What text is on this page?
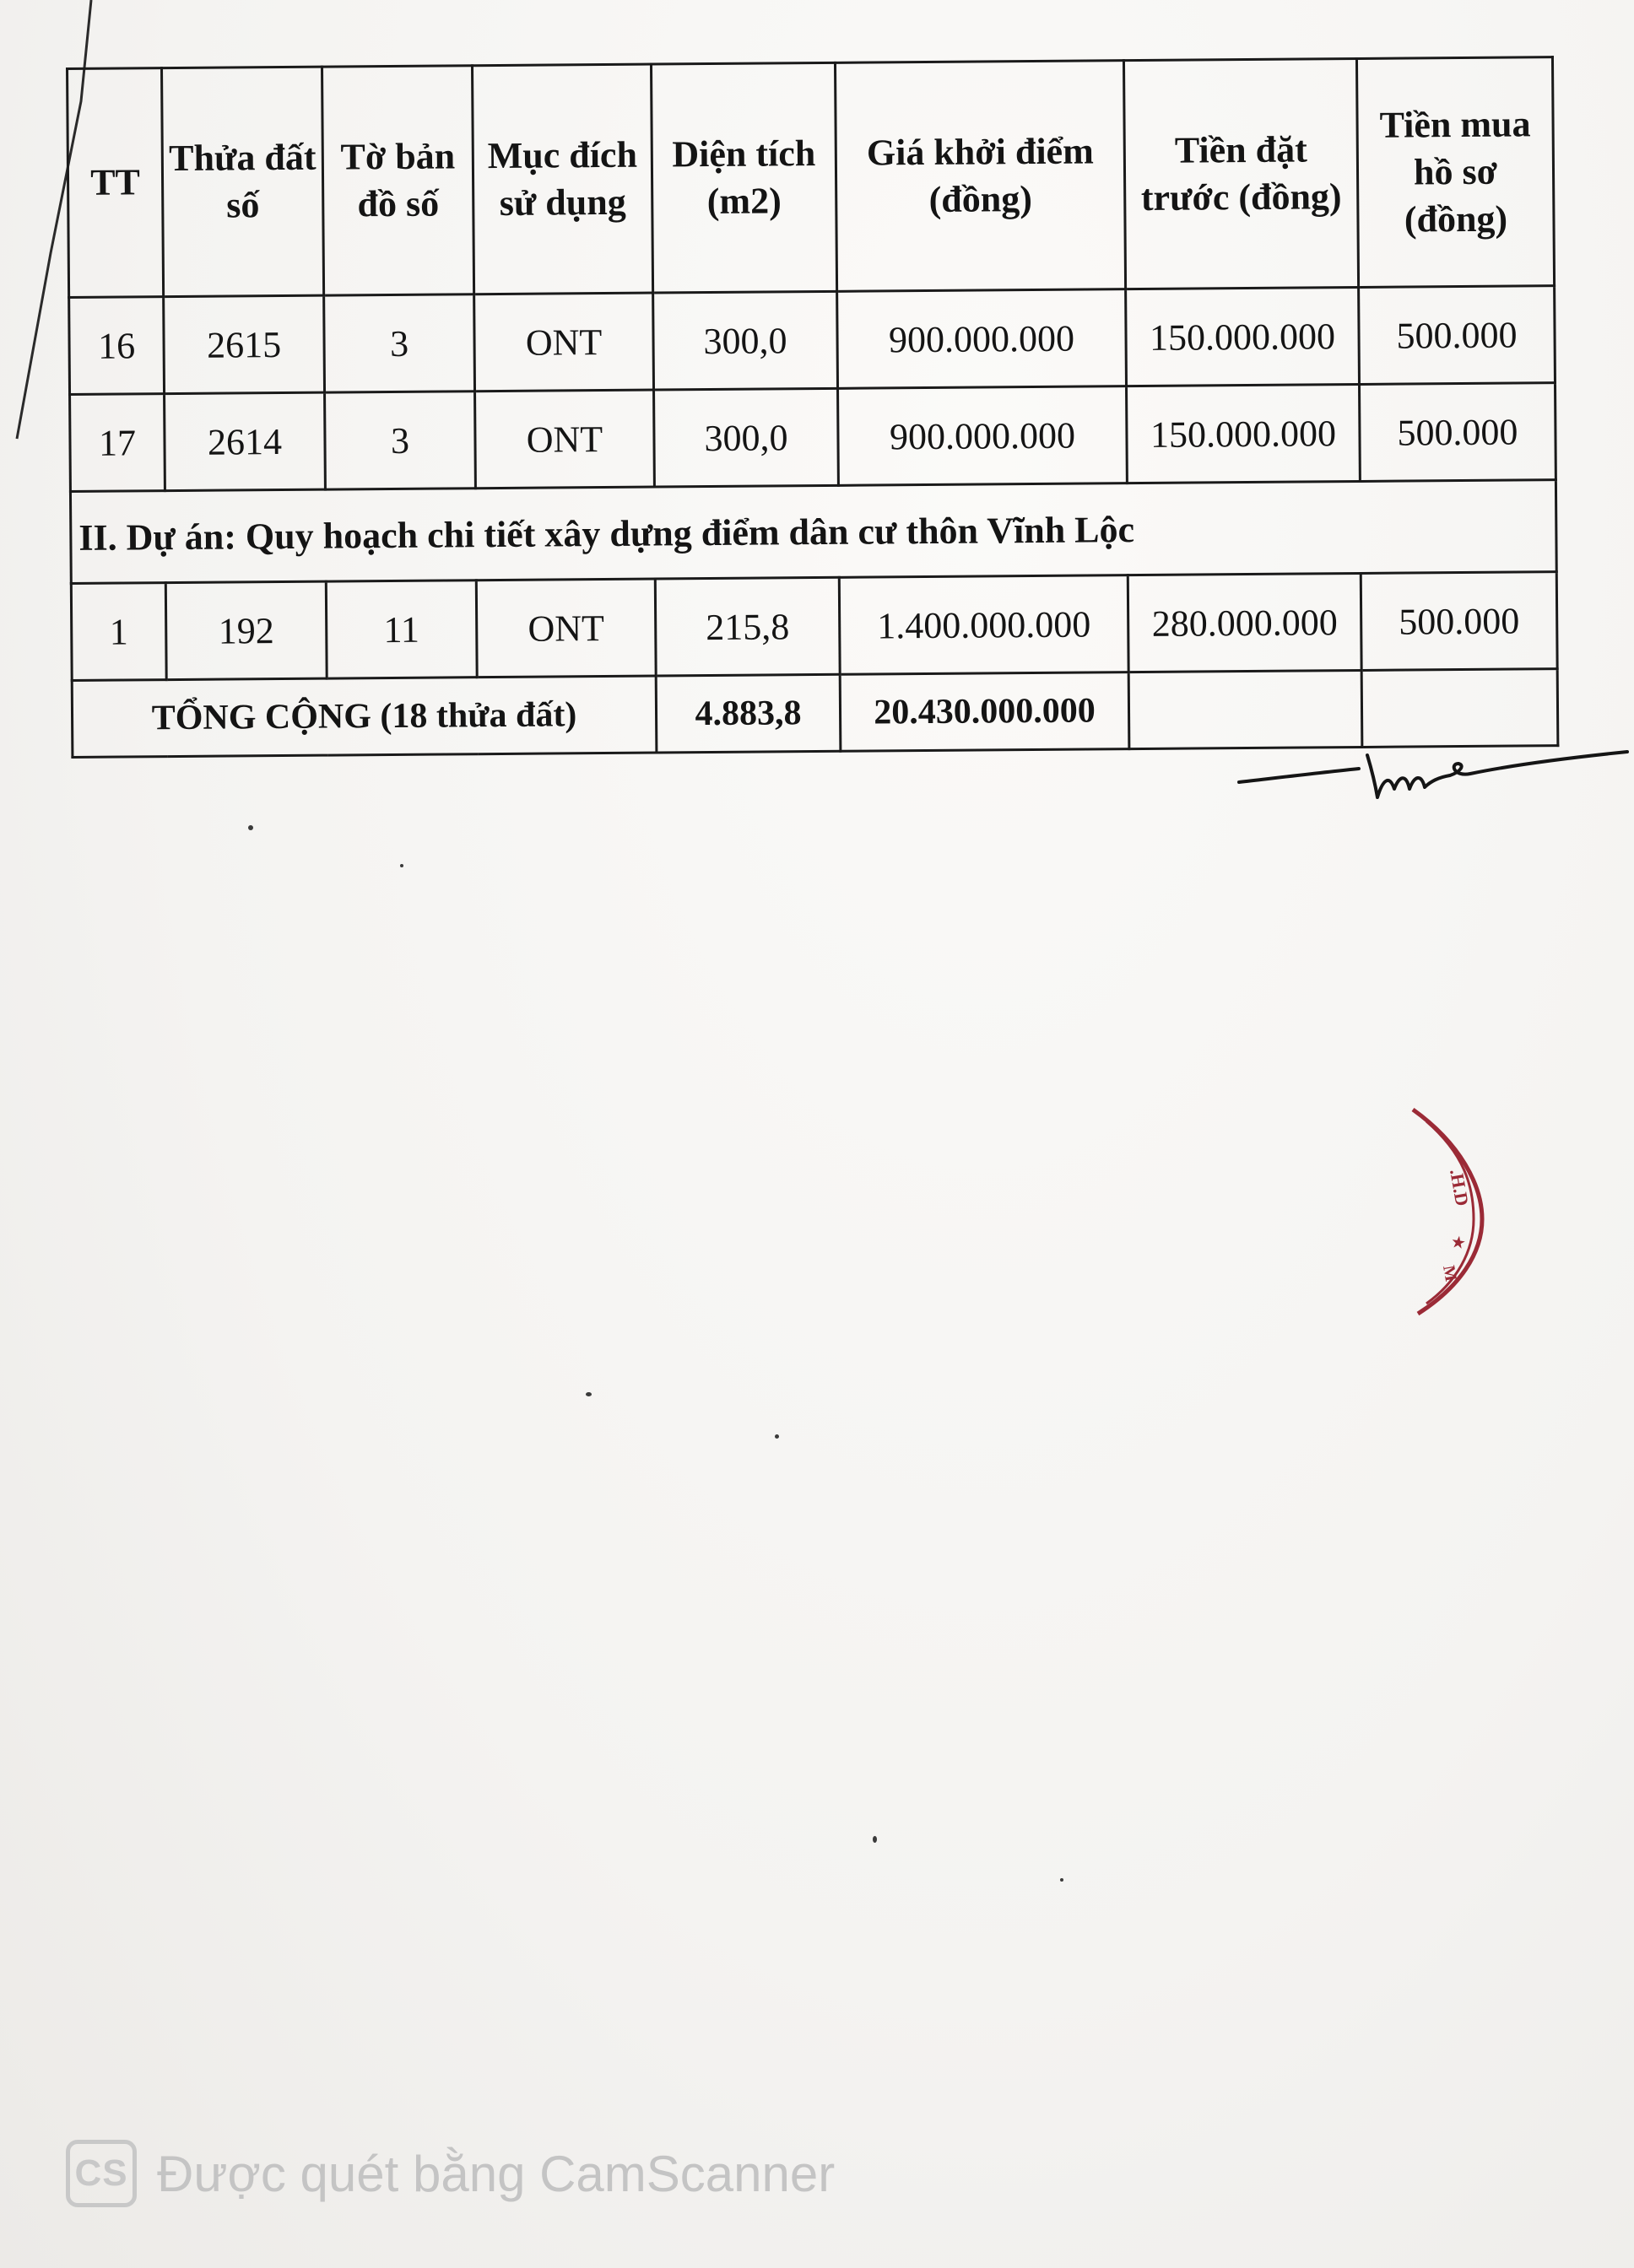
TT	Thửa đất số	Tờ bản đồ số	Mục đích sử dụng	Diện tích (m2)	Giá khởi điểm (đồng)	Tiền đặt trước (đồng)	Tiền mua hồ sơ (đồng)
16	2615	3	ONT	300,0	900.000.000	150.000.000	500.000
17	2614	3	ONT	300,0	900.000.000	150.000.000	500.000
II. Dự án: Quy hoạch chi tiết xây dựng điểm dân cư thôn Vĩnh Lộc							
1	192	11	ONT	215,8	1.400.000.000	280.000.000	500.000
TỔNG CỘNG (18 thửa đất)				4.883,8	20.430.000.000		
.H.D
★
M
CS Được quét bằng CamScanner
